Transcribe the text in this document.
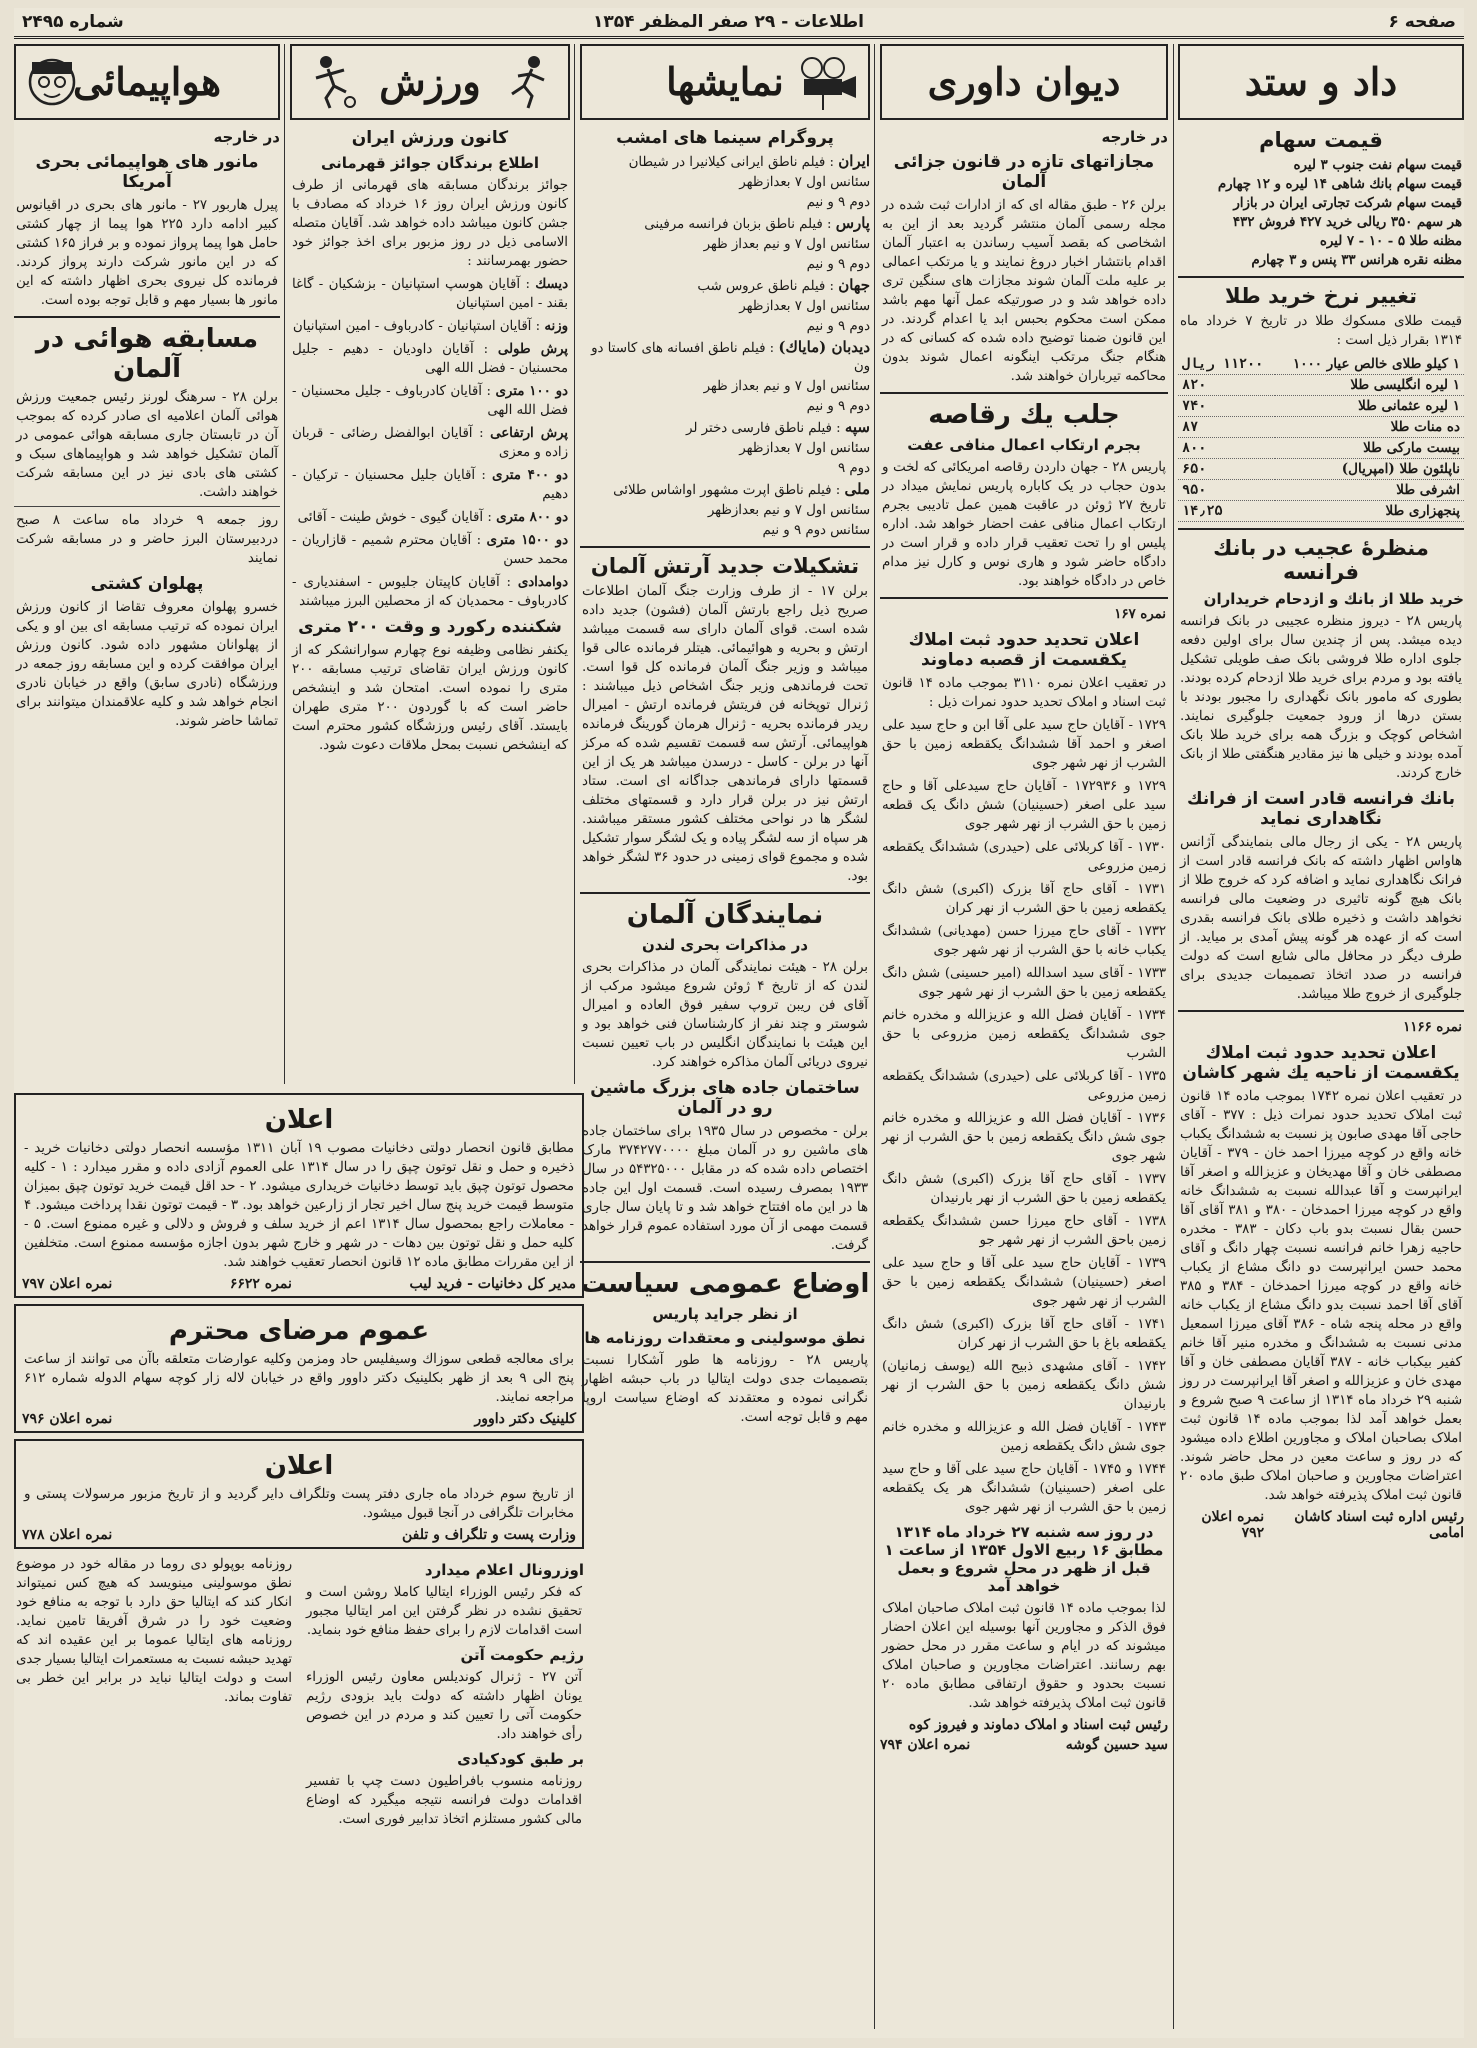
صفحه ۶
اطلاعات - ۲۹ صفر المظفر ۱۳۵۴
شماره ۲۴۹۵
داد و ستد
قیمت سهام
قیمت سهام نفت جنوب ۳ لیره
قیمت سهام بانك شاهی ۱۴ لیره و ۱۲ چهارم
قیمت سهام شرکت تجارتی ایران در بازار
هر سهم ۳۵۰ ریالی خرید ۴۲۷ فروش ۴۳۲
مظنه طلا ۵ - ۱۰ - ۷ لیره
مظنه نقره هرانس ۳۳ پنس و ۳ چهارم
تغییر نرخ خرید طلا
قیمت طلای مسکوك طلا در تاریخ ۷ خرداد ماه ۱۳۱۴ بقرار ذیل است :
۱ کیلو طلای خالص عیار ۱۰۰۰	۱۱۲۰۰ ریال
۱ لیره انگلیسی طلا	۸۲۰
۱ لیره عثمانی طلا	۷۴۰
ده منات طلا	۸۷
بیست مارکی طلا	۸۰۰
ناپلئون طلا (امپریال)	۶۵۰
اشرفی طلا	۹۵۰
پنجهزاری طلا	۱۴٫۲۵
منظرهٔ عجیب در بانك فرانسه
خرید طلا از بانك و ازدحام خریداران
پاریس ۲۸ - دیروز منظره عجیبی در بانک فرانسه دیده میشد. پس از چندین سال برای اولین دفعه جلوی اداره طلا فروشی بانک صف طویلی تشکیل یافته بود و مردم برای خرید طلا ازدحام کرده بودند. بطوری که مامور بانک نگهداری را مجبور بودند با بستن درها از ورود جمعیت جلوگیری نمایند. اشخاص کوچک و بزرگ همه برای خرید طلا بانک آمده بودند و خیلی ها نیز مقادیر هنگفتی طلا از بانک خارج کردند.
بانك فرانسه قادر است از فرانك نگاهداری نماید
پاریس ۲۸ - یکی از رجال مالی بنمایندگی آژانس هاواس اظهار داشته که بانک فرانسه قادر است از فرانک نگاهداری نماید و اضافه کرد که خروج طلا از بانک هیچ گونه تاثیری در وضعیت مالی فرانسه نخواهد داشت و ذخیره طلای بانک فرانسه بقدری است که از عهده هر گونه پیش آمدی بر میاید. از طرف دیگر در محافل مالی شایع است که دولت فرانسه در صدد اتخاذ تصمیمات جدیدی برای جلوگیری از خروج طلا میباشد.
نمره ۱۱۶۶
اعلان تحدید حدود ثبت املاك یکقسمت از ناحیه یك شهر کاشان
در تعقیب اعلان نمره ۱۷۴۲ بموجب ماده ۱۴ قانون ثبت املاک تحدید حدود نمرات ذیل : ۳۷۷ - آقای حاجی آقا مهدی صابون پز نسبت به ششدانگ یکباب خانه واقع در کوچه میرزا احمد خان - ۳۷۹ - آقایان مصطفی خان و آقا مهدیخان و عزیزالله و اصغر آقا ایرانپرست و آقا عبدالله نسبت به ششدانگ خانه واقع در کوچه میرزا احمدخان - ۳۸۰ و ۳۸۱ آقای آقا حسن بقال نسبت بدو باب دکان - ۳۸۳ - مخدره حاجیه زهرا خانم فرانسه نسبت چهار دانگ و آقای محمد حسن ایرانپرست دو دانگ مشاع از یکباب خانه واقع در کوچه میرزا احمدخان - ۳۸۴ و ۳۸۵ آقای آقا احمد نسبت بدو دانگ مشاع از یکباب خانه واقع در محله پنجه شاه - ۳۸۶ آقای میرزا اسمعیل مدنی نسبت به ششدانگ و مخدره منیر آقا خانم کفیر بیکباب خانه - ۳۸۷ آقایان مصطفی خان و آقا مهدی خان و عزیزالله و اصغر آقا ایرانپرست در روز شنبه ۲۹ خرداد ماه ۱۳۱۴ از ساعت ۹ صبح شروع و بعمل خواهد آمد لذا بموجب ماده ۱۴ قانون ثبت املاک بصاحبان املاک و مجاورین اطلاع داده میشود که در روز و ساعت معین در محل حاضر شوند. اعتراضات مجاورین و صاحبان املاک طبق ماده ۲۰ قانون ثبت املاک پذیرفته خواهد شد.
رئیس اداره ثبت اسناد کاشان امامی
نمره اعلان ۷۹۲
دیوان داوری
در خارجه
مجازاتهای تازه در قانون جزائی آلمان
برلن ۲۶ - طبق مقاله ای که از ادارات ثبت شده در مجله رسمی آلمان منتشر گردید بعد از این به اشخاصی که بقصد آسیب رساندن به اعتبار آلمان اقدام بانتشار اخبار دروغ نمایند و یا مرتکب اعمالی بر علیه ملت آلمان شوند مجازات های سنگین تری داده خواهد شد و در صورتیکه عمل آنها مهم باشد ممکن است محکوم بحبس ابد یا اعدام گردند. در این قانون ضمنا توضیح داده شده که کسانی که در هنگام جنگ مرتکب اینگونه اعمال شوند بدون محاکمه تیرباران خواهند شد.
جلب يك رقاصه
بجرم ارتکاب اعمال منافی عفت
پاریس ۲۸ - جهان داردن رقاصه امریکائی که لخت و بدون حجاب در یک کاباره پاریس نمایش میداد در تاریخ ۲۷ ژوئن در عاقبت همین عمل تادیبی بجرم ارتکاب اعمال منافی عفت احضار خواهد شد. اداره پلیس او را تحت تعقیب قرار داده و قرار است در دادگاه حاضر شود و هاری نوس و کارل نیز مدام خاص در دادگاه خواهند بود.
نمره ۱۶۷
اعلان تحدید حدود ثبت املاك یکقسمت از قصبه دماوند
در تعقیب اعلان نمره ۳۱۱۰ بموجب ماده ۱۴ قانون ثبت اسناد و املاک تحدید حدود نمرات ذیل :
۱۷۲۹ - آقایان حاج سید علی آقا ابن و حاج سید علی اصغر و احمد آقا ششدانگ یکقطعه زمین با حق الشرب از نهر شهر جوی
۱۷۲۹ و ۱۷۲۹۳۶ - آقایان حاج سیدعلی آقا و حاج سید علی اصغر (حسینیان) شش دانگ یک قطعه زمین با حق الشرب از نهر شهر جوی
۱۷۳۰ - آقا کربلائی علی (حیدری) ششدانگ یکقطعه زمین مزروعی
۱۷۳۱ - آقای حاج آقا بزرک (اکبری) شش دانگ یکقطعه زمین با حق الشرب از نهر کران
۱۷۳۲ - آقای حاج میرزا حسن (مهدیانی) ششدانگ یکباب خانه با حق الشرب از نهر شهر جوی
۱۷۳۳ - آقای سید اسدالله (امیر حسینی) شش دانگ یکقطعه زمین با حق الشرب از نهر شهر جوی
۱۷۳۴ - آقایان فضل الله و عزیزالله و مخدره خانم جوی ششدانگ یکقطعه زمین مزروعی با حق الشرب
۱۷۳۵ - آقا کربلائی علی (حیدری) ششدانگ یکقطعه زمین مزروعی
۱۷۳۶ - آقایان فضل الله و عزیزالله و مخدره خانم جوی شش دانگ یکقطعه زمین با حق الشرب از نهر شهر جوی
۱۷۳۷ - آقای حاج آقا بزرک (اکبری) شش دانگ یکقطعه زمین با حق الشرب از نهر بارنیدان
۱۷۳۸ - آقای حاج میرزا حسن ششدانگ یکقطعه زمین باحق الشرب از نهر شهر جو
۱۷۳۹ - آقایان حاج سید علی آقا و حاج سید علی اصغر (حسینیان) ششدانگ یکقطعه زمین با حق الشرب از نهر شهر جوی
۱۷۴۱ - آقای حاج آقا بزرک (اکبری) شش دانگ یکقطعه باغ با حق الشرب از نهر کران
۱۷۴۲ - آقای مشهدی ذبیح الله (یوسف زمانیان) شش دانگ یکقطعه زمین با حق الشرب از نهر بارنیدان
۱۷۴۳ - آقایان فضل الله و عزیزالله و مخدره خانم جوی شش دانگ یکقطعه زمین
۱۷۴۴ و ۱۷۴۵ - آقایان حاج سید علی آقا و حاج سید علی اصغر (حسینیان) ششدانگ هر یک یکقطعه زمین با حق الشرب از نهر شهر جوی
در روز سه شنبه ۲۷ خرداد ماه ۱۳۱۴ مطابق ۱۶ ربیع الاول ۱۳۵۴ از ساعت ۱ قبل از ظهر در محل شروع و بعمل خواهد آمد
لذا بموجب ماده ۱۴ قانون ثبت املاک صاحبان املاک فوق الذکر و مجاورین آنها بوسیله این اعلان احضار میشوند که در ایام و ساعت مقرر در محل حضور بهم رسانند. اعتراضات مجاورین و صاحبان املاک نسبت بحدود و حقوق ارتفاقی مطابق ماده ۲۰ قانون ثبت املاک پذیرفته خواهد شد.
رئیس ثبت اسناد و املاک دماوند و فیروز کوه
سید حسین گوشه
نمره اعلان ۷۹۴
نمایشها
پروگرام سینما های امشب

ایران : فیلم ناطق ایرانی کیلانیرا در شیطان

سئانس اول ۷ بعدازظهر

دوم ۹ و نیم

پارس : فیلم ناطق بزبان فرانسه مرفینی

سئانس اول ۷ و نیم بعداز ظهر

دوم ۹ و نیم

جهان : فیلم ناطق عروس شب

سئانس اول ۷ بعدازظهر

دوم ۹ و نیم

دیدبان (مایاك) : فیلم ناطق افسانه های کاستا دو ون

سئانس اول ۷ و نیم بعداز ظهر

دوم ۹ و نیم

سپه : فیلم ناطق فارسی دختر لر

سئانس اول ۷ بعدازظهر

دوم ۹

ملی : فیلم ناطق اپرت مشهور اواشاس طلائی

سئانس اول ۷ و نیم بعدازظهر

سئانس دوم ۹ و نیم

تشکیلات جدید آرتش آلمان
برلن ۱۷ - از طرف وزارت جنگ آلمان اطلاعات صریح ذیل راجع بارتش آلمان (فشون) جدید داده شده است. قوای آلمان دارای سه قسمت میباشد ارتش و بحریه و هوائیمائی. هیتلر فرمانده عالی قوا میباشد و وزیر جنگ آلمان فرمانده کل قوا است. تحت فرماندهی وزیر جنگ اشخاص ذیل میباشند : ژنرال توپخانه فن فریتش فرمانده ارتش - امیرال ریدر فرمانده بحریه - ژنرال هرمان گورینگ فرمانده هواپیمائی. آرتش سه قسمت تقسیم شده که مرکز آنها در برلن - کاسل - درسدن میباشد هر یک از این قسمتها دارای فرماندهی جداگانه ای است. ستاد ارتش نیز در برلن قرار دارد و قسمتهای مختلف لشگر ها در نواحی مختلف کشور مستقر میباشند. هر سپاه از سه لشگر پیاده و یک لشگر سوار تشکیل شده و مجموع قوای زمینی در حدود ۳۶ لشگر خواهد بود.
نمایندگان آلمان
در مذاکرات بحری لندن
برلن ۲۸ - هیئت نمایندگی آلمان در مذاکرات بحری لندن که از تاریخ ۴ ژوئن شروع میشود مرکب از آقای فن ریبن تروپ سفیر فوق العاده و امیرال شوستر و چند نفر از کارشناسان فنی خواهد بود و این هیئت با نمایندگان انگلیس در باب تعیین نسبت نیروی دریائی آلمان مذاکره خواهند کرد.
ساختمان جاده های بزرگ ماشین رو در آلمان
برلن - مخصوص در سال ۱۹۳۵ برای ساختمان جاده های ماشین رو در آلمان مبلغ ۳۷۴۲۷۷۰۰۰۰ مارک اختصاص داده شده که در مقابل ۵۴۳۲۵۰۰۰ در سال ۱۹۳۳ بمصرف رسیده است. قسمت اول این جاده ها در این ماه افتتاح خواهد شد و تا پایان سال جاری قسمت مهمی از آن مورد استفاده عموم قرار خواهد گرفت.
اوضاع عمومی سیاست
از نظر جراید پاریس
نطق موسولینی و معتقدات روزنامه ها
پاریس ۲۸ - روزنامه ها طور آشکارا نسبت بتصمیمات جدی دولت ایتالیا در باب حبشه اظهار نگرانی نموده و معتقدند که اوضاع سیاست اروپا مهم و قابل توجه است.
ورزش
کانون ورزش ایران
اطلاع برندگان جوائز قهرمانی
جوائز برندگان مسابقه های قهرمانی از طرف کانون ورزش ایران روز ۱۶ خرداد که مصادف با جشن کانون میباشد داده خواهد شد. آقایان متصله الاسامی ذیل در روز مزبور برای اخذ جوائز خود حضور بهمرسانند :
دیسك : آقایان هوسپ استپانیان - بزشکیان - گاغا بقند - امین استپانیان
وزنه : آقایان استپانیان - کادرباوف - امین استپانیان
پرش طولی : آقایان داودیان - دهیم - جلیل محسنیان - فضل الله الهی
دو ۱۰۰ متری : آقایان کادرباوف - جلیل محسنیان - فضل الله الهی
پرش ارتفاعی : آقایان ابوالفضل رضائی - قربان زاده و معزی
دو ۴۰۰ متری : آقایان جلیل محسنیان - ترکیان - دهیم
دو ۸۰۰ متری : آقایان گیوی - خوش طینت - آقائی
دو ۱۵۰۰ متری : آقایان محترم شمیم - قازاریان - محمد حسن
دوامدادی : آقایان کاپیتان جلیوس - اسفندیاری - کادرباوف - محمدیان که از محصلین البرز میباشند
شکننده رکورد و وقت ۲۰۰ متری
یکنفر نظامی وظیفه نوع چهارم سوارانشکر که از کانون ورزش ایران تقاضای ترتیب مسابقه ۲۰۰ متری را نموده است. امتحان شد و اینشخص حاضر است که با گوردون ۲۰۰ متری طهران بایستد. آقای رئیس ورزشگاه کشور محترم است که اینشخص نسبت بمحل ملاقات دعوت شود.
هواپیمائی
در خارجه
مانور های هواپیمائی بحری آمریکا
پیرل هاربور ۲۷ - مانور های بحری در اقیانوس کبیر ادامه دارد ۲۲۵ هوا پیما از چهار کشتی حامل هوا پیما پرواز نموده و بر فراز ۱۶۵ کشتی که در این مانور شرکت دارند پرواز کردند. فرمانده کل نیروی بحری اظهار داشته که این مانور ها بسیار مهم و قابل توجه بوده است.
مسابقه هوائی در آلمان
برلن ۲۸ - سرهنگ لورنز رئیس جمعیت ورزش هوائی آلمان اعلامیه ای صادر کرده که بموجب آن در تابستان جاری مسابقه هوائی عمومی در آلمان تشکیل خواهد شد و هواپیماهای سبک و کشتی های بادی نیز در این مسابقه شرکت خواهند داشت.
روز جمعه ۹ خرداد ماه ساعت ۸ صبح دردبیرستان البرز حاضر و در مسابقه شرکت نمایند
پهلوان کشتی
خسرو پهلوان معروف تقاضا از کانون ورزش ایران نموده که ترتیب مسابقه ای بین او و یکی از پهلوانان مشهور داده شود. کانون ورزش ایران موافقت کرده و این مسابقه روز جمعه در ورزشگاه (نادری سابق) واقع در خیابان نادری انجام خواهد شد و کلیه علاقمندان میتوانند برای تماشا حاضر شوند.
اعلان
مطابق قانون انحصار دولتی دخانیات مصوب ۱۹ آبان ۱۳۱۱ مؤسسه انحصار دولتی دخانیات خرید - ذخیره و حمل و نقل توتون چپق را در سال ۱۳۱۴ علی العموم آزادی داده و مقرر میدارد : ۱ - کلیه محصول توتون چپق باید توسط دخانیات خریداری میشود. ۲ - حد اقل قیمت خرید توتون چپق بمیزان متوسط قیمت خرید پنج سال اخیر تجار از زارعین خواهد بود. ۳ - قیمت توتون نقدا پرداخت میشود. ۴ - معاملات راجع بمحصول سال ۱۳۱۴ اعم از خرید سلف و فروش و دلالی و غیره ممنوع است. ۵ - کلیه حمل و نقل توتون بین دهات - در شهر و خارج شهر بدون اجازه مؤسسه ممنوع است. متخلفین از این مقررات مطابق ماده ۱۲ قانون انحصار تعقیب خواهند شد.
مدیر کل دخانیات - فرید لیب
نمره ۶۶۲۲
نمره اعلان ۷۹۷
عموم مرضای محترم
برای معالجه قطعی سوزاك وسیفلیس حاد ومزمن وکلیه عوارضات متعلقه باآن می توانند از ساعت پنج الی ۹ بعد از ظهر بکلینیک دکتر داوور واقع در خیابان لاله زار کوچه سهام الدوله شماره ۶۱۲ مراجعه نمایند.
کلینیک دکتر داوور
نمره اعلان ۷۹۶
اعلان
از تاریخ سوم خرداد ماه جاری دفتر پست وتلگراف داير گردید و از تاریخ مزبور مرسولات پستی و مخابرات تلگرافی در آنجا قبول میشود.
وزارت پست و تلگراف و تلفن
نمره اعلان ۷۷۸
اوزرونال اعلام میدارد
که فکر رئیس الوزراء ایتالیا کاملا روشن است و تحقیق نشده در نظر گرفتن این امر ایتالیا مجبور است اقدامات لازم را برای حفظ منافع خود بنماید.
رژیم حکومت آتن
آتن ۲۷ - ژنرال کوندیلس معاون رئیس الوزراء یونان اظهار داشته که دولت باید بزودی رژیم حکومت آتی را تعیین کند و مردم در این خصوص رأی خواهند داد.
بر طبق کودکیادی
روزنامه منسوب بافراطیون دست چپ با تفسیر اقدامات دولت فرانسه نتیجه میگیرد که اوضاع مالی کشور مستلزم اتخاذ تدابیر فوری است.
روزنامه بوپولو دی روما در مقاله خود در موضوع نطق موسولینی مینویسد که هیچ کس نمیتواند انکار کند که ایتالیا حق دارد با توجه به منافع خود وضعیت خود را در شرق آفریقا تامین نماید. روزنامه های ایتالیا عموما بر این عقیده اند که تهدید حبشه نسبت به مستعمرات ایتالیا بسیار جدی است و دولت ایتالیا نباید در برابر این خطر بی تفاوت بماند.
